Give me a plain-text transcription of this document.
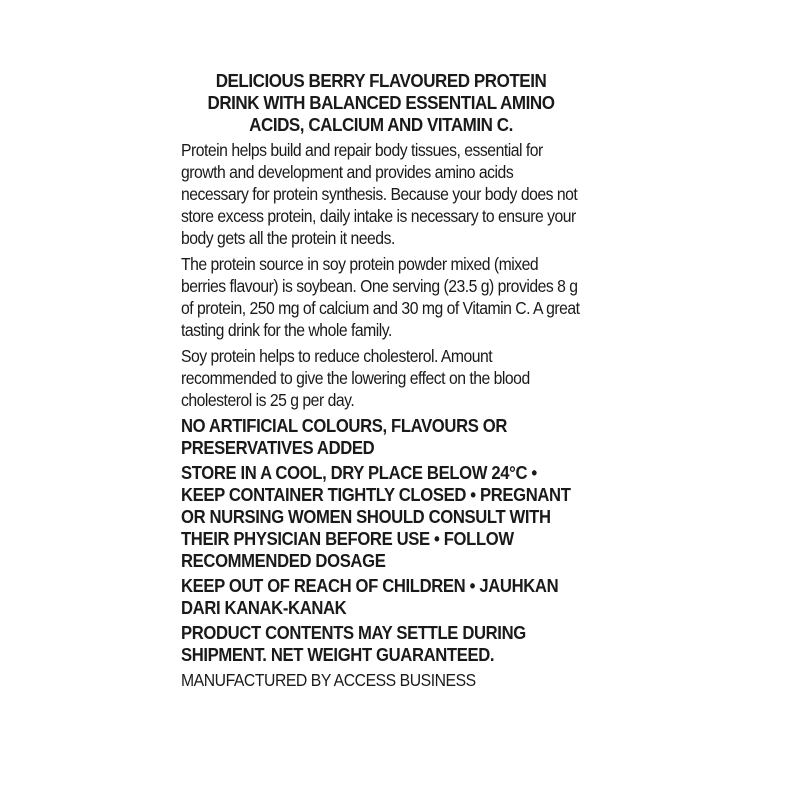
DELICIOUS BERRY FLAVOURED PROTEIN DRINK WITH BALANCED ESSENTIAL AMINO ACIDS, CALCIUM AND VITAMIN C.
Protein helps build and repair body tissues, essential for growth and development and provides amino acids necessary for protein synthesis. Because your body does not store excess protein, daily intake is necessary to ensure your body gets all the protein it needs.
The protein source in soy protein powder mixed (mixed berries flavour) is soybean. One serving (23.5 g) provides 8 g of protein, 250 mg of calcium and 30 mg of Vitamin C. A great tasting drink for the whole family.
Soy protein helps to reduce cholesterol. Amount recommended to give the lowering effect on the blood cholesterol is 25 g per day.
NO ARTIFICIAL COLOURS, FLAVOURS OR PRESERVATIVES ADDED
STORE IN A COOL, DRY PLACE BELOW 24°C • KEEP CONTAINER TIGHTLY CLOSED • PREGNANT OR NURSING WOMEN SHOULD CONSULT WITH THEIR PHYSICIAN BEFORE USE • FOLLOW RECOMMENDED DOSAGE
KEEP OUT OF REACH OF CHILDREN • JAUHKAN DARI KANAK-KANAK
PRODUCT CONTENTS MAY SETTLE DURING SHIPMENT. NET WEIGHT GUARANTEED.
MANUFACTURED BY ACCESS BUSINESS
